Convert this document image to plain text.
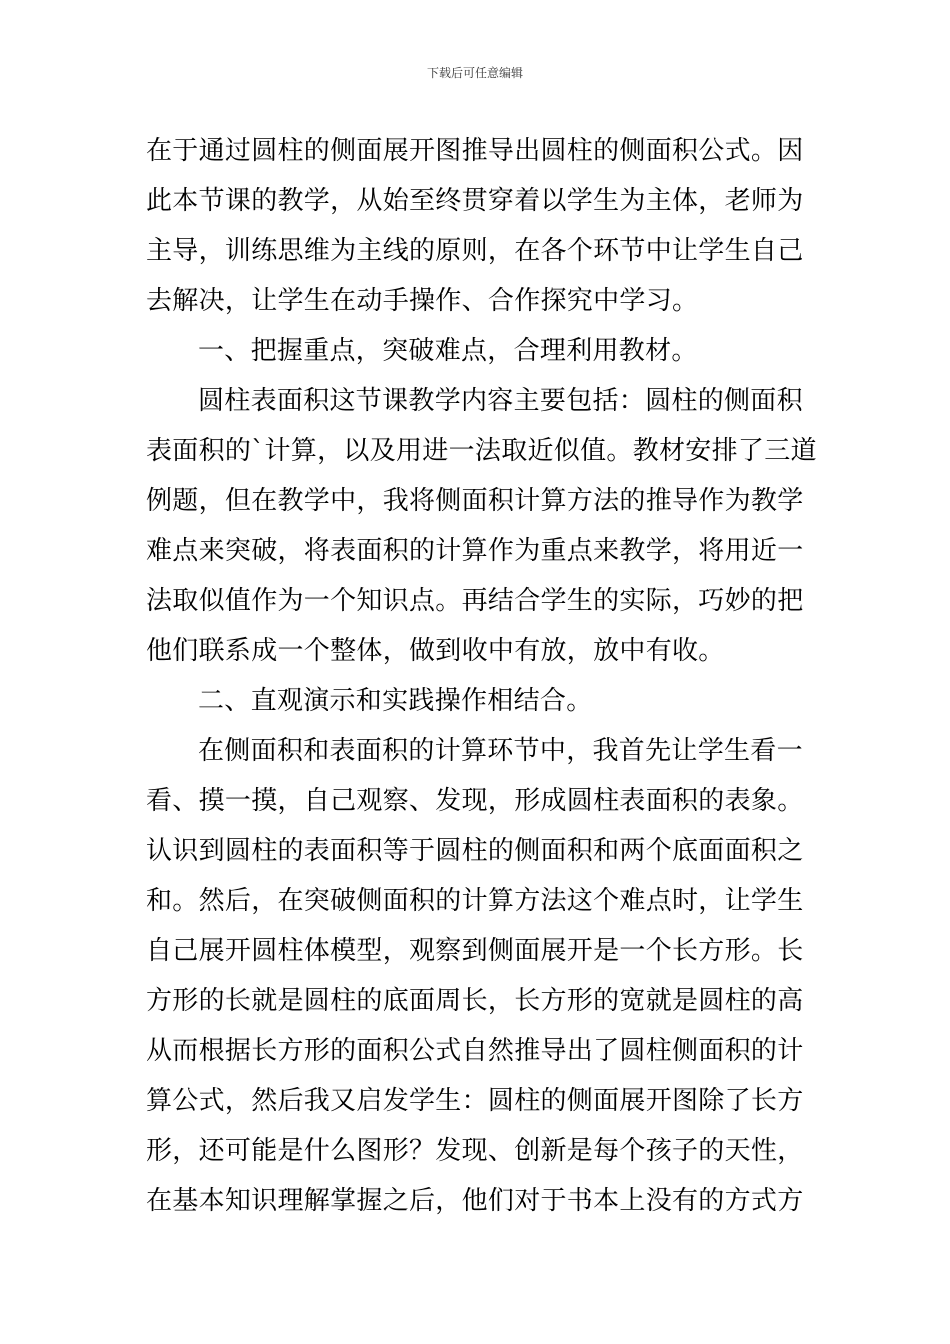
下载后可任意编辑
在于通过圆柱的侧面展开图推导出圆柱的侧面积公式。因
此本节课的教学，从始至终贯穿着以学生为主体，老师为
主导，训练思维为主线的原则，在各个环节中让学生自己
去解决，让学生在动手操作、合作探究中学习。
一、把握重点，突破难点，合理利用教材。
圆柱表面积这节课教学内容主要包括：圆柱的侧面积
表面积的`计算，以及用进一法取近似值。教材安排了三道
例题，但在教学中，我将侧面积计算方法的推导作为教学
难点来突破，将表面积的计算作为重点来教学，将用近一
法取似值作为一个知识点。再结合学生的实际，巧妙的把
他们联系成一个整体，做到收中有放，放中有收。
二、直观演示和实践操作相结合。
在侧面积和表面积的计算环节中，我首先让学生看一
看、摸一摸，自己观察、发现，形成圆柱表面积的表象。
认识到圆柱的表面积等于圆柱的侧面积和两个底面面积之
和。然后，在突破侧面积的计算方法这个难点时，让学生
自己展开圆柱体模型，观察到侧面展开是一个长方形。长
方形的长就是圆柱的底面周长，长方形的宽就是圆柱的高
从而根据长方形的面积公式自然推导出了圆柱侧面积的计
算公式，然后我又启发学生：圆柱的侧面展开图除了长方
形，还可能是什么图形？发现、创新是每个孩子的天性，
在基本知识理解掌握之后，他们对于书本上没有的方式方
